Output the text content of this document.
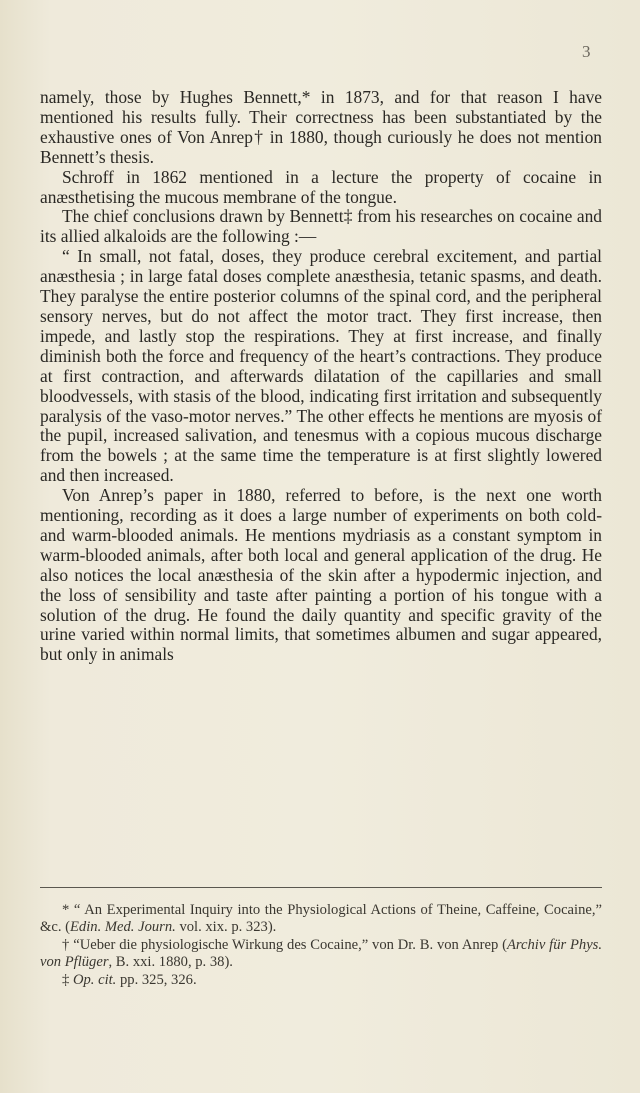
3

namely, those by Hughes Bennett,* in 1873, and for that reason I have mentioned his results fully. Their correctness has been substantiated by the exhaustive ones of Von Anrep† in 1880, though curiously he does not mention Bennett’s thesis.

Schroff in 1862 mentioned in a lecture the property of cocaine in anæsthetising the mucous membrane of the tongue.

The chief conclusions drawn by Bennett‡ from his researches on cocaine and its allied alkaloids are the following :—

“ In small, not fatal, doses, they produce cerebral excitement, and partial anæsthesia ; in large fatal doses complete anæsthesia, tetanic spasms, and death. They paralyse the entire posterior columns of the spinal cord, and the peripheral sensory nerves, but do not affect the motor tract. They first increase, then impede, and lastly stop the respirations. They at first increase, and finally diminish both the force and frequency of the heart’s contractions. They produce at first contraction, and afterwards dilatation of the capillaries and small bloodvessels, with stasis of the blood, indicating first irritation and subsequently paralysis of the vaso-motor nerves.” The other effects he mentions are myosis of the pupil, increased salivation, and tenesmus with a copious mucous discharge from the bowels ; at the same time the temperature is at first slightly lowered and then increased.

Von Anrep’s paper in 1880, referred to before, is the next one worth mentioning, recording as it does a large number of experiments on both cold- and warm-blooded animals. He mentions mydriasis as a constant symptom in warm-blooded animals, after both local and general application of the drug. He also notices the local anæsthesia of the skin after a hypodermic injection, and the loss of sensibility and taste after painting a portion of his tongue with a solution of the drug. He found the daily quantity and specific gravity of the urine varied within normal limits, that sometimes albumen and sugar appeared, but only in animals

* “ An Experimental Inquiry into the Physiological Actions of Theine, Caffeine, Cocaine,” &c. (Edin. Med. Journ. vol. xix. p. 323).

† “Ueber die physiologische Wirkung des Cocaine,” von Dr. B. von Anrep (Archiv für Phys. von Pflüger, B. xxi. 1880, p. 38).

‡ Op. cit. pp. 325, 326.
